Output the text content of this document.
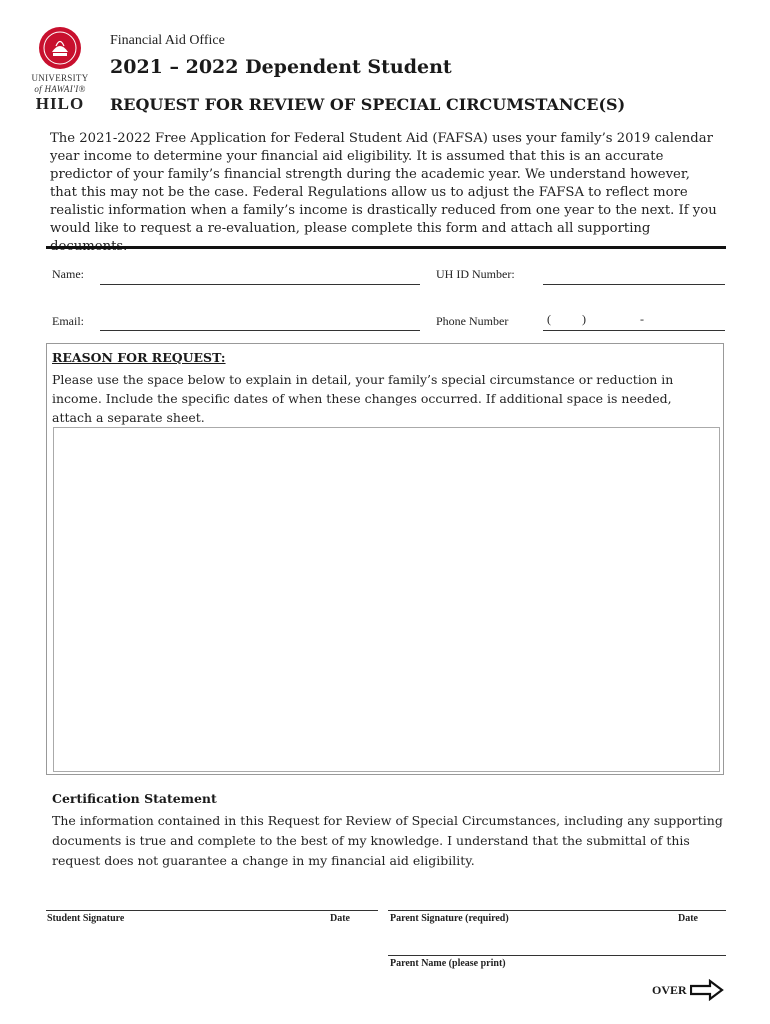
UNIVERSITY
of HAWAI'I®
HILO
Financial Aid Office
2021 – 2022 Dependent Student
REQUEST FOR REVIEW OF SPECIAL CIRCUMSTANCE(S)
The 2021-2022 Free Application for Federal Student Aid (FAFSA) uses your family’s 2019 calendar year income to determine your financial aid eligibility. It is assumed that this is an accurate predictor of your family’s financial strength during the academic year. We understand however, that this may not be the case. Federal Regulations allow us to adjust the FAFSA to reflect more realistic information when a family’s income is drastically reduced from one year to the next. If you would like to request a re-evaluation, please complete this form and attach all supporting
Name:	UH ID Number:
Email:	Phone Number	(	)	-
REASON FOR REQUEST:
Please use the space below to explain in detail, your family’s special circumstance or reduction in income. Include the specific dates of when these changes occurred. If additional space is needed, attach a separate sheet.
Certification Statement
The information contained in this Request for Review of Special Circumstances, including any supporting documents is true and complete to the best of my knowledge. I understand that the submittal of this request does not guarantee a change in my financial aid eligibility.
Student Signature	Date	Parent Signature (required)	Date
Parent Name (please print)
OVER
